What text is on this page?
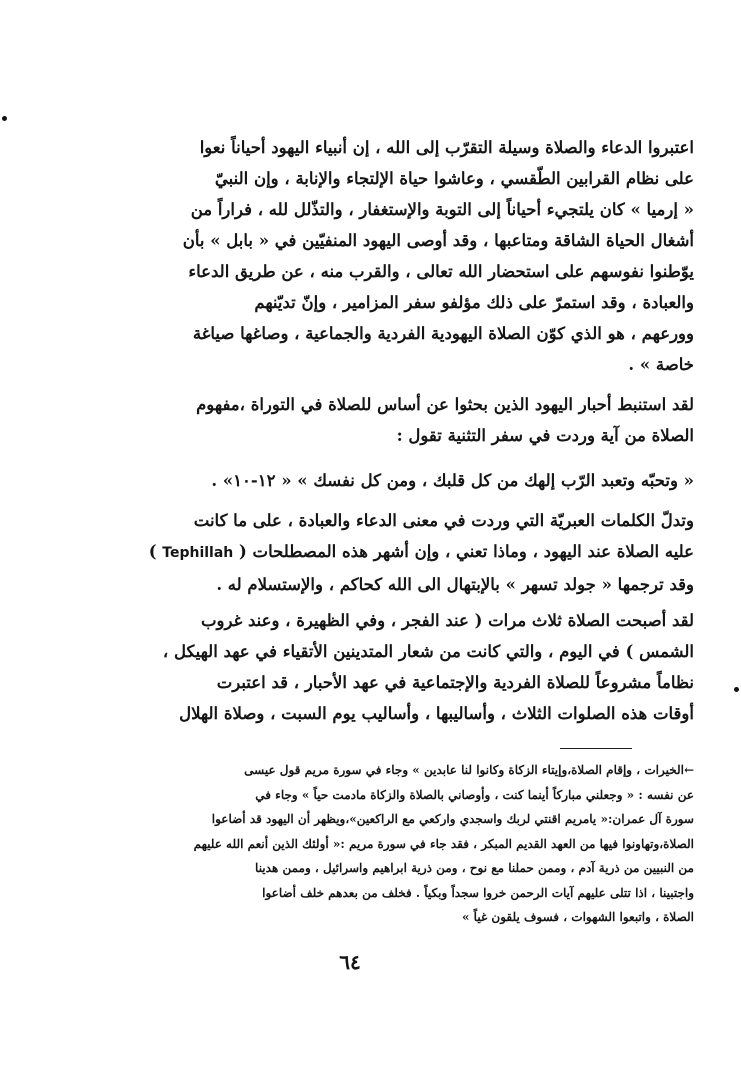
اعتبروا الدعاء والصلاة وسيلة التقرّب إلى الله ، إن أنبياء اليهود أحياناً نعوا
على نظام القرابين الطّقسي ، وعاشوا حياة الإلتجاء والإنابة ، وإن النبيّ
« إرميا » كان يلتجيء أحياناً إلى التوبة والإستغفار ، والتذّلل لله ، فراراً من
أشغال الحياة الشاقة ومتاعبها ، وقد أوصى اليهود المنفيّين في « بابل » بأن
يوّطنوا نفوسهم على استحضار الله تعالى ، والقرب منه ، عن طريق الدعاء
والعبادة ، وقد استمرّ على ذلك مؤلفو سفر المزامير ، وإنّ تديّنهم
وورعهم ، هو الذي كوّن الصلاة اليهودية الفردية والجماعية ، وصاغها صياغة
خاصة » .

لقد استنبط أحبار اليهود الذين بحثوا عن أساس للصلاة في التوراة ،مفهوم
الصلاة من آية وردت في سفر التثنية تقول :

« وتحبّه وتعبد الرّب إلهك من كل قلبك ، ومن كل نفسك » « ١٢-١٠» .

وتدلّ الكلمات العبريّة التي وردت في معنى الدعاء والعبادة ، على ما كانت
عليه الصلاة عند اليهود ، وماذا تعني ، وإن أشهر هذه المصطلحات ( Tephillah )
وقد ترجمها « جولد تسهر » بالإبتهال الى الله كحاكم ، والإستسلام له .

لقد أصبحت الصلاة ثلاث مرات ( عند الفجر ، وفي الظهيرة ، وعند غروب
الشمس ) في اليوم ، والتي كانت من شعار المتدينين الأتقياء في عهد الهيكل ،
نظاماً مشروعاً للصلاة الفردية والإجتماعية في عهد الأحبار ، قد اعتبرت
أوقات هذه الصلوات الثلاث ، وأساليبها ، وأساليب يوم السبت ، وصلاة الهلال

←الخيرات ، وإقام الصلاة،وإيتاء الزكاة وكانوا لنا عابدين » وجاء في سورة مريم قول عيسى
عن نفسه : « وجعلني مباركاً أينما كنت ، وأوصاني بالصلاة والزكاة مادمت حياً » وجاء في
سورة آل عمران:« يامريم اقنتي لربك واسجدي واركعي مع الراكعين»،ويظهر أن اليهود قد أضاعوا
الصلاة،وتهاونوا فيها من العهد القديم المبكر ، فقد جاء في سورة مريم :« أولئك الذين أنعم الله عليهم
من النبيين من ذرية آدم ، وممن حملنا مع نوح ، ومن ذرية ابراهيم واسرائيل ، وممن هدينا
واجتبينا ، اذا تتلى عليهم آيات الرحمن خروا سجداً وبكياً . فخلف من بعدهم خلف أضاعوا
الصلاة ، واتبعوا الشهوات ، فسوف يلقون غياً »

٦٤
